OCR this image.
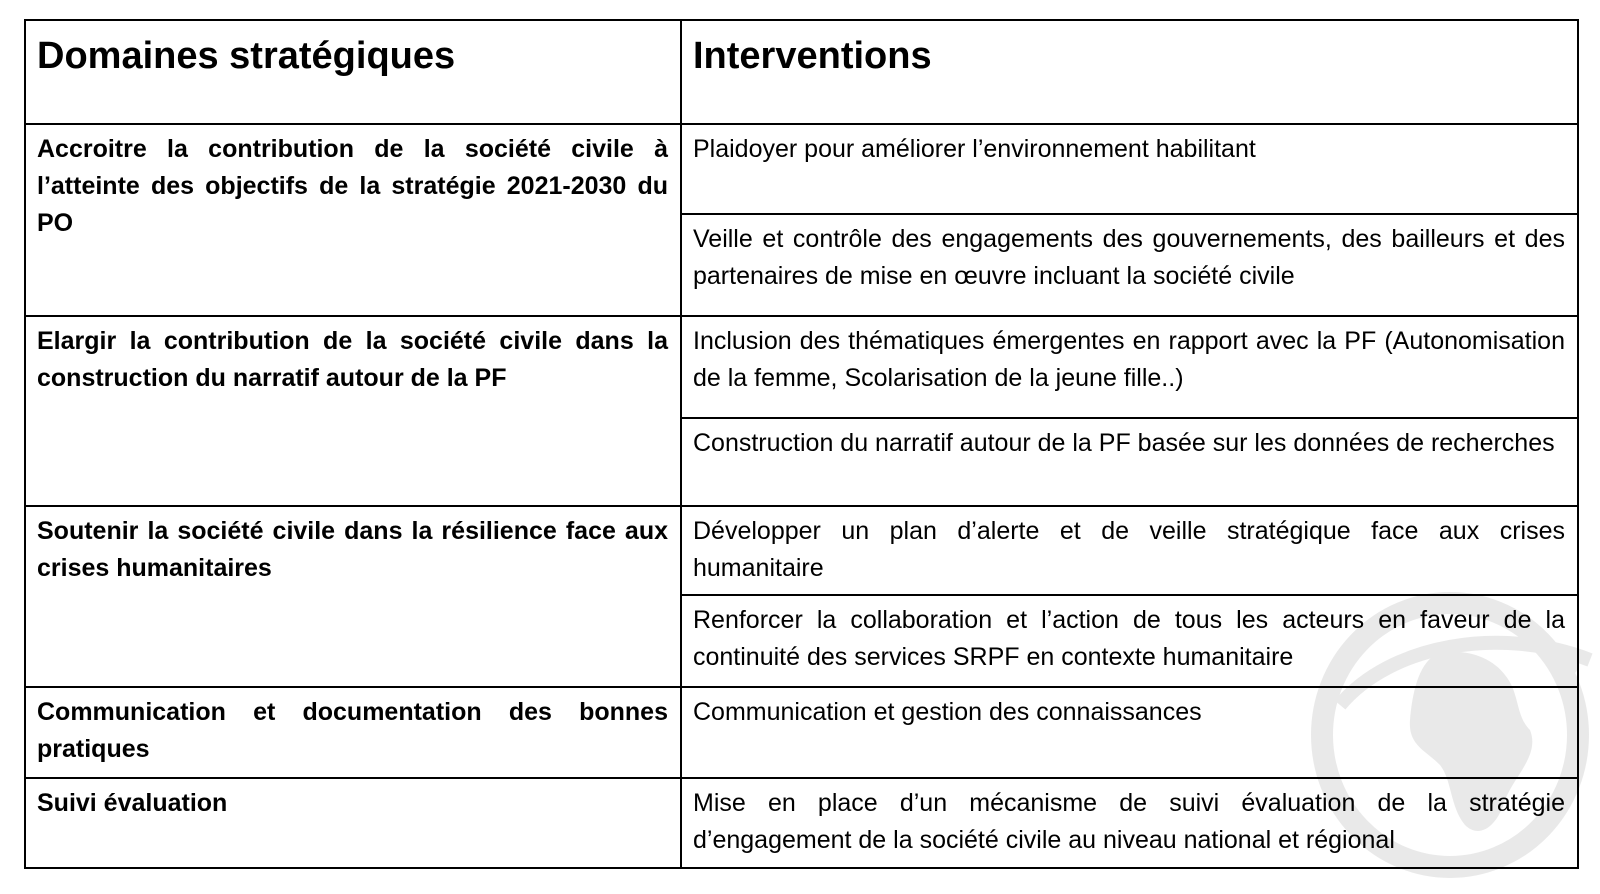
Domaines stratégiques	Interventions
Accroitre la contribution de la société civile à l’atteinte des objectifs de la stratégie 2021-2030 du PO	Plaidoyer pour améliorer l’environnement habilitant
	Veille et contrôle des engagements des gouvernements, des bailleurs et des partenaires de mise en œuvre incluant la société civile
Elargir la contribution de la société civile dans la construction du narratif autour de la PF	Inclusion des thématiques émergentes en rapport avec la PF (Autonomisation de la femme, Scolarisation de la jeune fille..)
	Construction du narratif autour de la PF basée sur les données de recherches
Soutenir la société civile dans la résilience face aux crises humanitaires	Développer un plan d’alerte et de veille stratégique face aux crises humanitaire
	Renforcer la collaboration et l’action de tous les acteurs en faveur de la continuité des services SRPF en contexte humanitaire
Communication et documentation des bonnes pratiques	Communication et gestion des connaissances
Suivi évaluation	Mise en place d’un mécanisme de suivi évaluation de la stratégie d’engagement de la société civile au niveau national et régional
